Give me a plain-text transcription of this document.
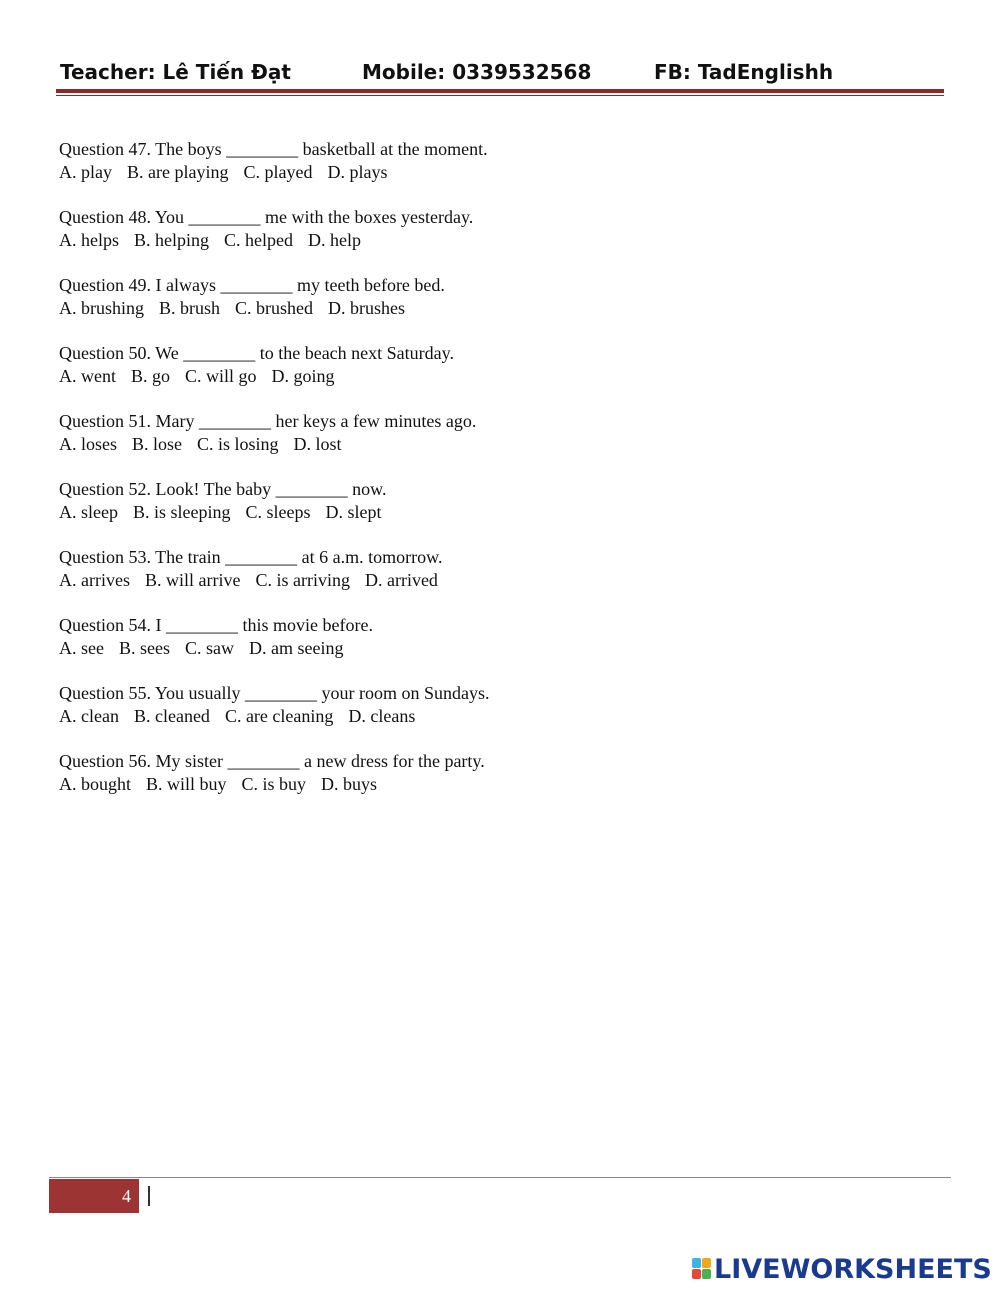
Teacher: Lê Tiến Đạt	Mobile: 0339532568	FB: TadEnglishh
Question 47. The boys ________ basketball at the moment.
A. play B. are playing C. played D. plays
Question 48. You ________ me with the boxes yesterday.
A. helps B. helping C. helped D. help
Question 49. I always ________ my teeth before bed.
A. brushing B. brush C. brushed D. brushes
Question 50. We ________ to the beach next Saturday.
A. went B. go C. will go D. going
Question 51. Mary ________ her keys a few minutes ago.
A. loses B. lose C. is losing D. lost
Question 52. Look! The baby ________ now.
A. sleep B. is sleeping C. sleeps D. slept
Question 53. The train ________ at 6 a.m. tomorrow.
A. arrives B. will arrive C. is arriving D. arrived
Question 54. I ________ this movie before.
A. see B. sees C. saw D. am seeing
Question 55. You usually ________ your room on Sundays.
A. clean B. cleaned C. are cleaning D. cleans
Question 56. My sister ________ a new dress for the party.
A. bought B. will buy C. is buy D. buys
4
LIVEWORKSHEETS
